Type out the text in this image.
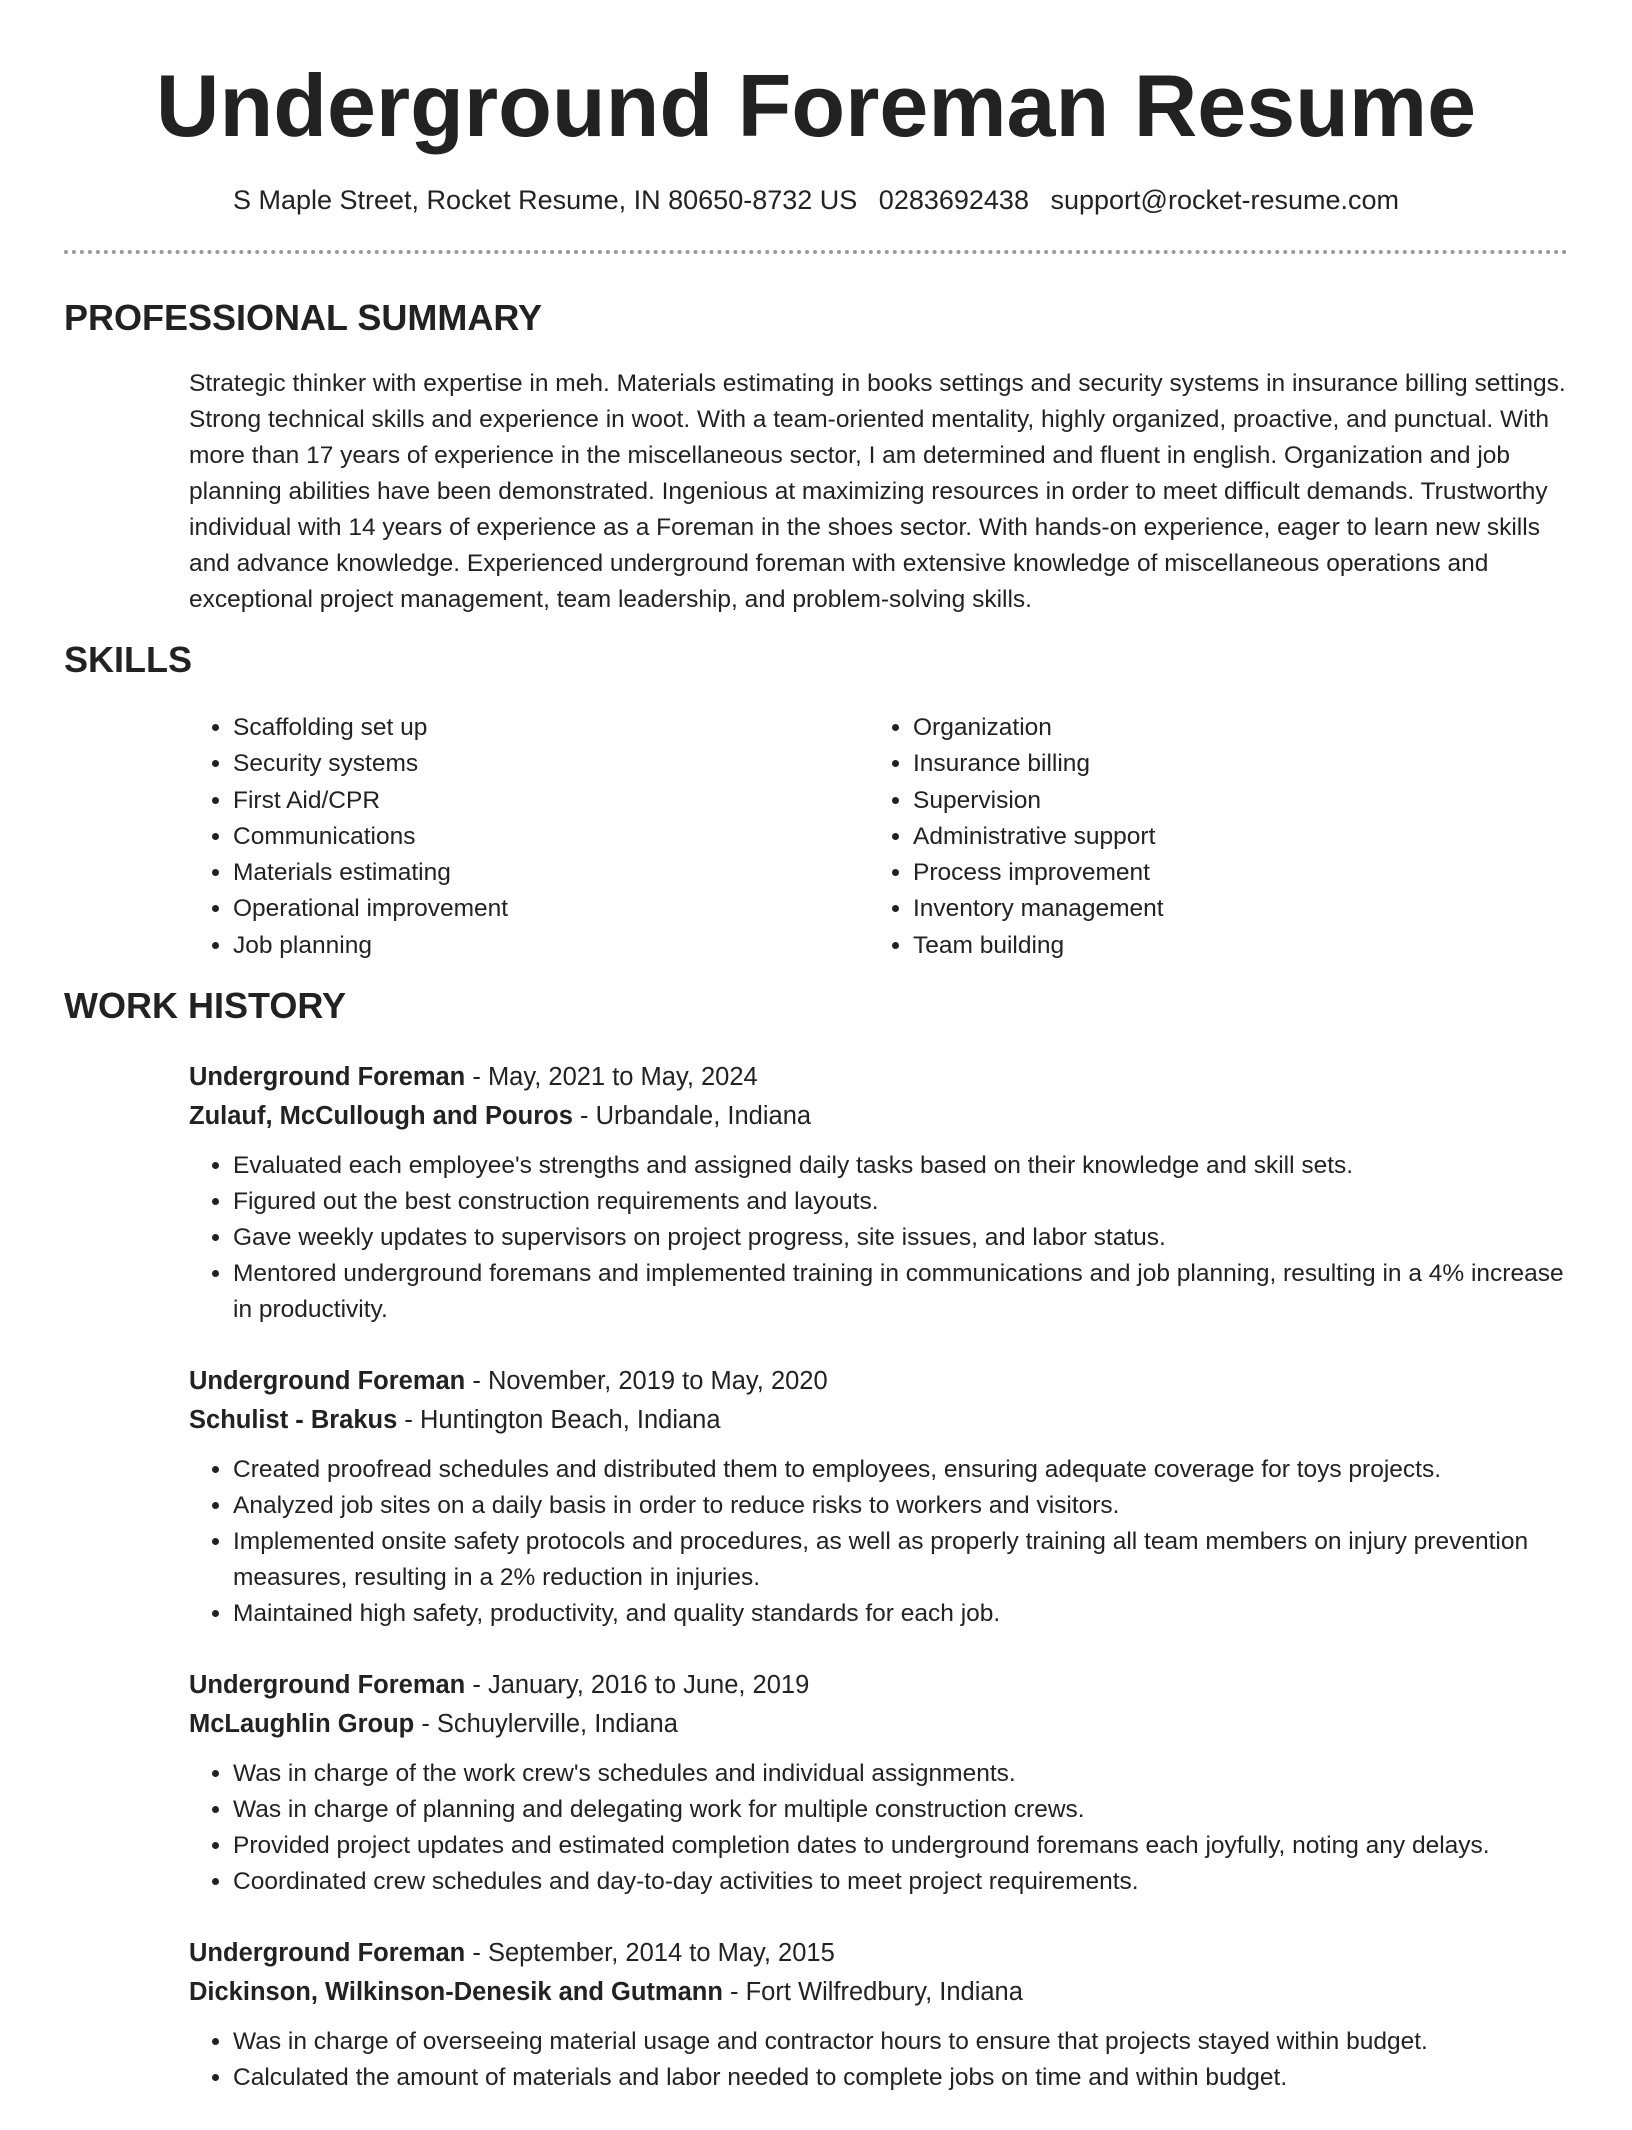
Underground Foreman Resume
S Maple Street, Rocket Resume, IN 80650-8732 US 0283692438 support@rocket-resume.com
PROFESSIONAL SUMMARY
Strategic thinker with expertise in meh. Materials estimating in books settings and security systems in insurance billing settings. Strong technical skills and experience in woot. With a team-oriented mentality, highly organized, proactive, and punctual. With more than 17 years of experience in the miscellaneous sector, I am determined and fluent in english. Organization and job planning abilities have been demonstrated. Ingenious at maximizing resources in order to meet difficult demands. Trustworthy individual with 14 years of experience as a Foreman in the shoes sector. With hands-on experience, eager to learn new skills and advance knowledge. Experienced underground foreman with extensive knowledge of miscellaneous operations and exceptional project management, team leadership, and problem-solving skills.
SKILLS
• Scaffolding set up
• Security systems
• First Aid/CPR
• Communications
• Materials estimating
• Operational improvement
• Job planning
• Organization
• Insurance billing
• Supervision
• Administrative support
• Process improvement
• Inventory management
• Team building
WORK HISTORY
Underground Foreman - May, 2021 to May, 2024
Zulauf, McCullough and Pouros - Urbandale, Indiana
• Evaluated each employee's strengths and assigned daily tasks based on their knowledge and skill sets.
• Figured out the best construction requirements and layouts.
• Gave weekly updates to supervisors on project progress, site issues, and labor status.
• Mentored underground foremans and implemented training in communications and job planning, resulting in a 4% increase in productivity.
Underground Foreman - November, 2019 to May, 2020
Schulist - Brakus - Huntington Beach, Indiana
• Created proofread schedules and distributed them to employees, ensuring adequate coverage for toys projects.
• Analyzed job sites on a daily basis in order to reduce risks to workers and visitors.
• Implemented onsite safety protocols and procedures, as well as properly training all team members on injury prevention measures, resulting in a 2% reduction in injuries.
• Maintained high safety, productivity, and quality standards for each job.
Underground Foreman - January, 2016 to June, 2019
McLaughlin Group - Schuylerville, Indiana
• Was in charge of the work crew's schedules and individual assignments.
• Was in charge of planning and delegating work for multiple construction crews.
• Provided project updates and estimated completion dates to underground foremans each joyfully, noting any delays.
• Coordinated crew schedules and day-to-day activities to meet project requirements.
Underground Foreman - September, 2014 to May, 2015
Dickinson, Wilkinson-Denesik and Gutmann - Fort Wilfredbury, Indiana
• Was in charge of overseeing material usage and contractor hours to ensure that projects stayed within budget.
• Calculated the amount of materials and labor needed to complete jobs on time and within budget.
